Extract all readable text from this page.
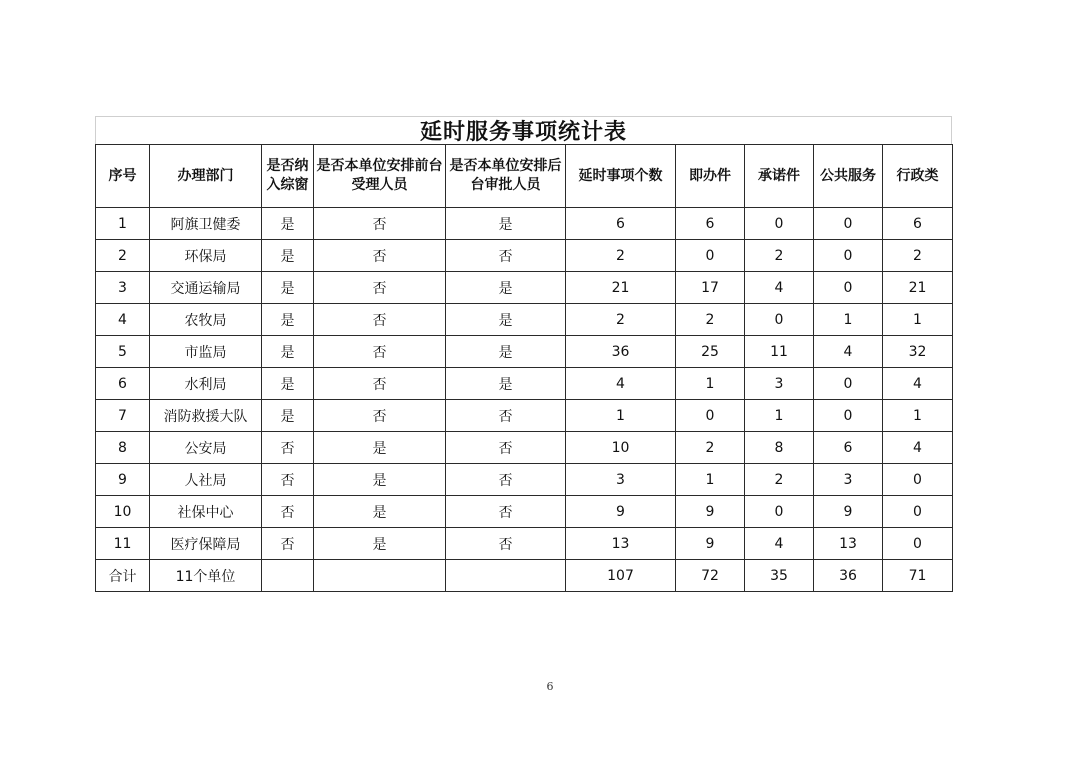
延时服务事项统计表
序号	办理部门	是否纳入综窗	是否本单位安排前台受理人员	是否本单位安排后台审批人员	延时事项个数	即办件	承诺件	公共服务	行政类
1	阿旗卫健委	是	否	是	6	6	0	0	6
2	环保局	是	否	否	2	0	2	0	2
3	交通运输局	是	否	是	21	17	4	0	21
4	农牧局	是	否	是	2	2	0	1	1
5	市监局	是	否	是	36	25	11	4	32
6	水利局	是	否	是	4	1	3	0	4
7	消防救援大队	是	否	否	1	0	1	0	1
8	公安局	否	是	否	10	2	8	6	4
9	人社局	否	是	否	3	1	2	3	0
10	社保中心	否	是	否	9	9	0	9	0
11	医疗保障局	否	是	否	13	9	4	13	0
合计	11个单位				107	72	35	36	71
6
